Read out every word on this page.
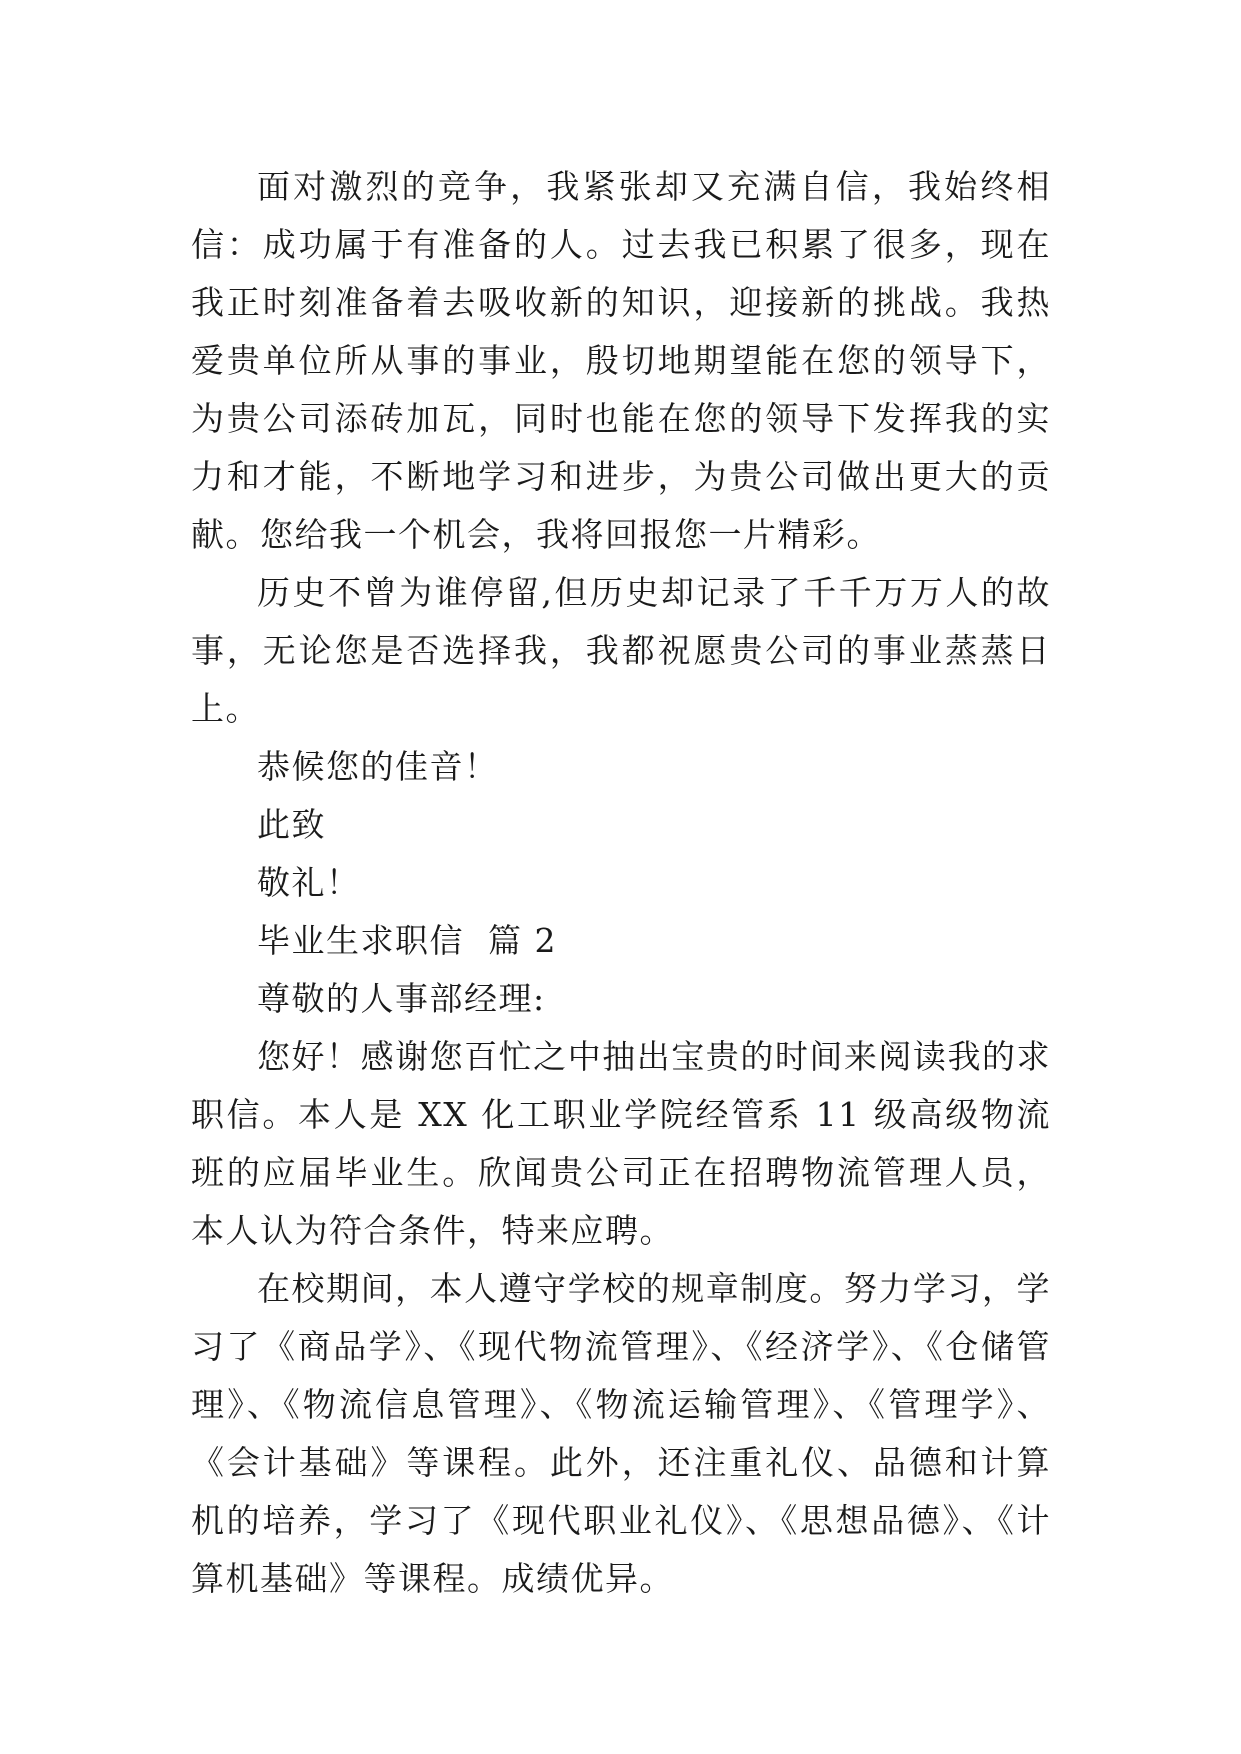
面对激烈的竞争，我紧张却又充满自信，我始终相信：成功属于有准备的人。过去我已积累了很多，现在我正时刻准备着去吸收新的知识，迎接新的挑战。我热爱贵单位所从事的事业，殷切地期望能在您的领导下，为贵公司添砖加瓦，同时也能在您的领导下发挥我的实力和才能，不断地学习和进步，为贵公司做出更大的贡献。您给我一个机会，我将回报您一片精彩。

历史不曾为谁停留,但历史却记录了千千万万人的故事，无论您是否选择我，我都祝愿贵公司的事业蒸蒸日上。

恭候您的佳音！

此致

敬礼！

毕业生求职信  篇 2

尊敬的人事部经理:

您好！感谢您百忙之中抽出宝贵的时间来阅读我的求职信。本人是 XX 化工职业学院经管系 11 级高级物流班的应届毕业生。欣闻贵公司正在招聘物流管理人员，本人认为符合条件，特来应聘。

在校期间，本人遵守学校的规章制度。努力学习，学习了《商品学》、《现代物流管理》、《经济学》、《仓储管理》、《物流信息管理》、《物流运输管理》、《管理学》、《会计基础》等课程。此外，还注重礼仪、品德和计算机的培养，学习了《现代职业礼仪》、《思想品德》、《计算机基础》等课程。成绩优异。
